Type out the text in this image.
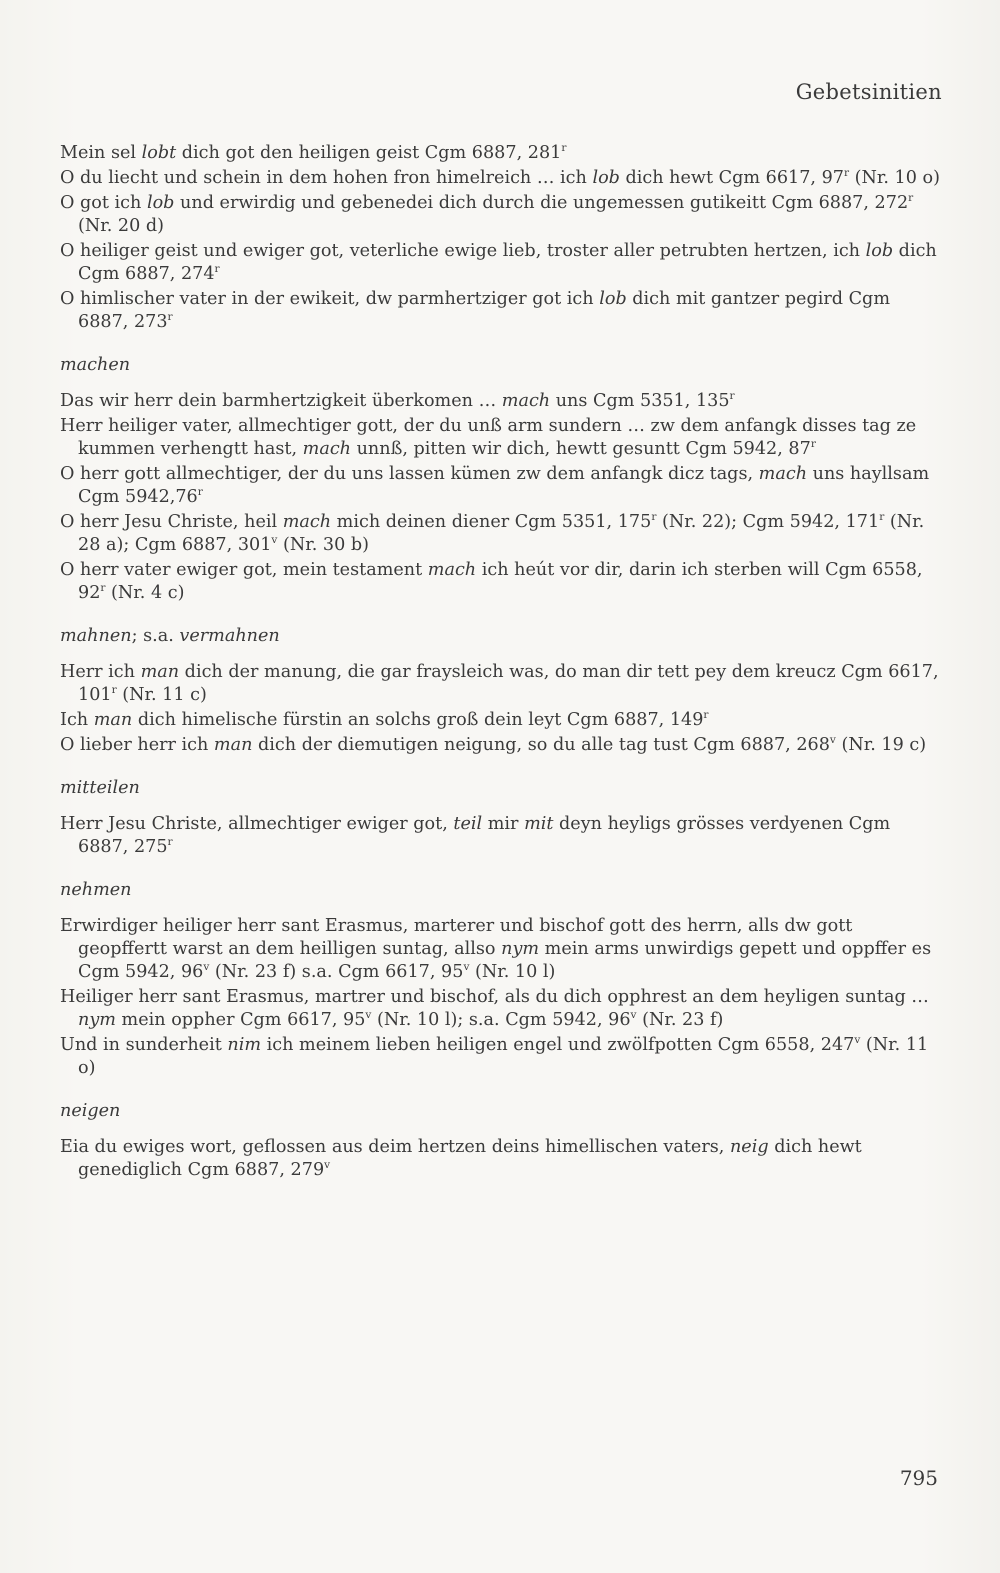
Gebetsinitien
Mein sel lobt dich got den heiligen geist Cgm 6887, 281$^r$
O du liecht und schein in dem hohen fron himelreich … ich lob dich hewt Cgm 6617, 97$^r$ (Nr. 10 o)
O got ich lob und erwirdig und gebenedei dich durch die ungemessen gutikeitt Cgm 6887, 272$^r$ (Nr. 20 d)
O heiliger geist und ewiger got, veterliche ewige lieb, troster aller petrubten hertzen, ich lob dich Cgm 6887, 274$^r$
O himlischer vater in der ewikeit, dw parmhertziger got ich lob dich mit gantzer pegird Cgm 6887, 273$^r$
machen
Das wir herr dein barmhertzigkeit überkomen … mach uns Cgm 5351, 135$^r$
Herr heiliger vater, allmechtiger gott, der du unß arm sundern … zw dem anfangk disses tag ze kummen verhengtt hast, mach unnß, pitten wir dich, hewtt gesuntt Cgm 5942, 87$^r$
O herr gott allmechtiger, der du uns lassen kümen zw dem anfangk dicz tags, mach uns hayllsam Cgm 5942,76$^r$
O herr Jesu Christe, heil mach mich deinen diener Cgm 5351, 175$^r$ (Nr. 22); Cgm 5942, 171$^r$ (Nr. 28 a); Cgm 6887, 301$^v$ (Nr. 30 b)
O herr vater ewiger got, mein testament mach ich heút vor dir, darin ich sterben will Cgm 6558, 92$^r$ (Nr. 4 c)
mahnen; s.a. vermahnen
Herr ich man dich der manung, die gar fraysleich was, do man dir tett pey dem kreucz Cgm 6617, 101$^r$ (Nr. 11 c)
Ich man dich himelische fürstin an solchs groß dein leyt Cgm 6887, 149$^r$
O lieber herr ich man dich der diemutigen neigung, so du alle tag tust Cgm 6887, 268$^v$ (Nr. 19 c)
mitteilen
Herr Jesu Christe, allmechtiger ewiger got, teil mir mit deyn heyligs grösses verdyenen Cgm 6887, 275$^r$
nehmen
Erwirdiger heiliger herr sant Erasmus, marterer und bischof gott des herrn, alls dw gott geopffertt warst an dem heilligen suntag, allso nym mein arms unwirdigs gepett und oppffer es Cgm 5942, 96$^v$ (Nr. 23 f) s.a. Cgm 6617, 95$^v$ (Nr. 10 l)
Heiliger herr sant Erasmus, martrer und bischof, als du dich opphrest an dem heyligen suntag … nym mein oppher Cgm 6617, 95$^v$ (Nr. 10 l); s.a. Cgm 5942, 96$^v$ (Nr. 23 f)
Und in sunderheit nim ich meinem lieben heiligen engel und zwölfpotten Cgm 6558, 247$^v$ (Nr. 11 o)
neigen
Eia du ewiges wort, geflossen aus deim hertzen deins himellischen vaters, neig dich hewt genediglich Cgm 6887, 279$^v$
795
